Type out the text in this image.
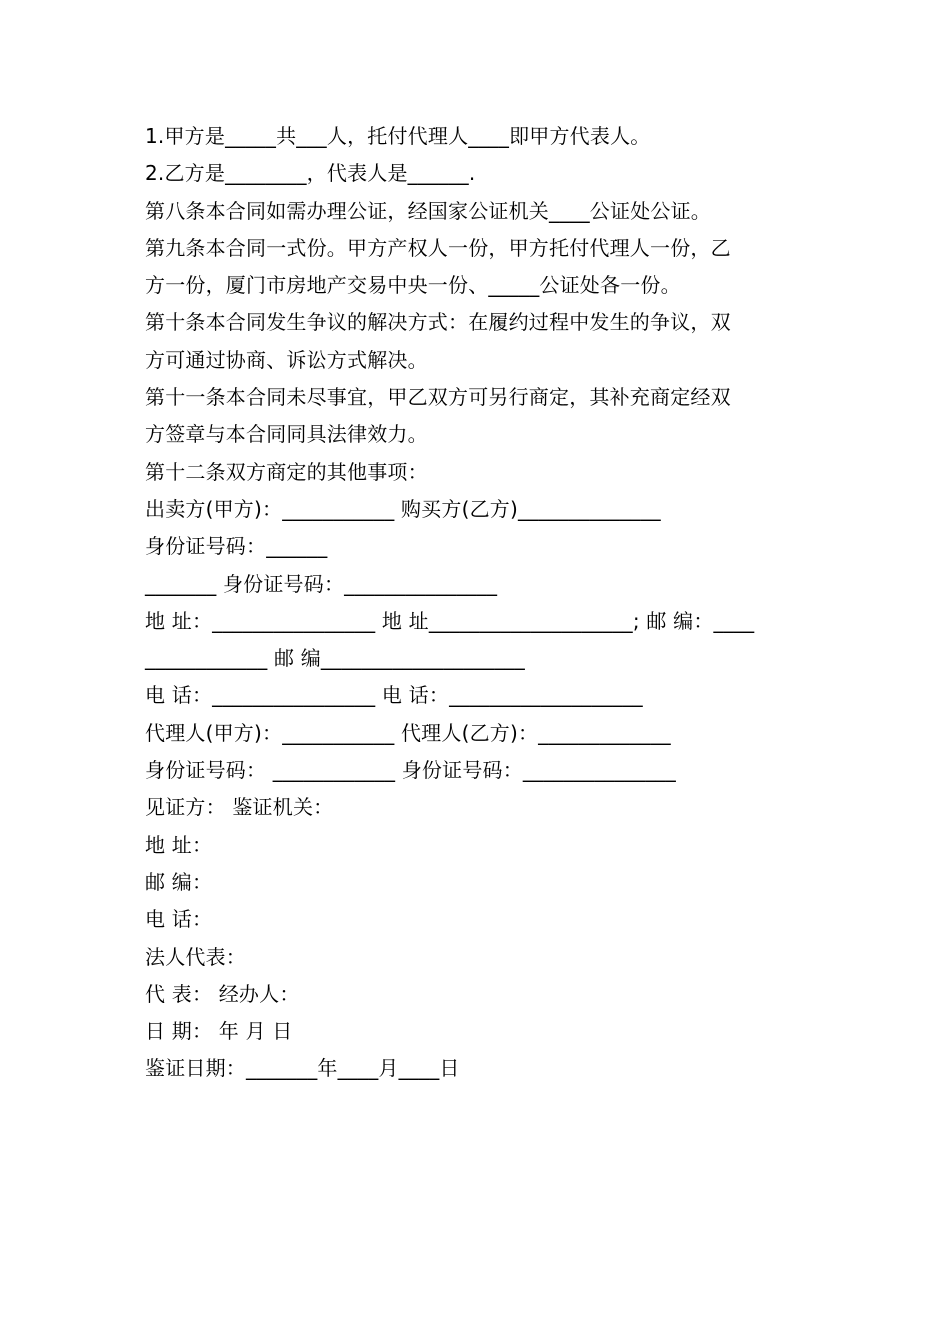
1.甲方是_____共___人，托付代理人____即甲方代表人。
2.乙方是________，代表人是______.
第八条本合同如需办理公证，经国家公证机关____公证处公证。
第九条本合同一式份。甲方产权人一份，甲方托付代理人一份，乙
方一份，厦门市房地产交易中央一份、_____公证处各一份。
第十条本合同发生争议的解决方式：在履约过程中发生的争议，双
方可通过协商、诉讼方式解决。
第十一条本合同未尽事宜，甲乙双方可另行商定，其补充商定经双
方签章与本合同同具法律效力。
第十二条双方商定的其他事项：
出卖方(甲方)：___________ 购买方(乙方)______________
身份证号码：______
_______ 身份证号码：_______________
地 址：________________ 地 址____________________; 邮 编：____
____________ 邮 编____________________
电 话：________________ 电 话：___________________
代理人(甲方)：___________ 代理人(乙方)：_____________
身份证号码： ____________ 身份证号码：_______________
见证方： 鉴证机关：
地 址：
邮 编：
电 话：
法人代表：
代 表： 经办人：
日 期： 年 月 日
鉴证日期：_______年____月____日
